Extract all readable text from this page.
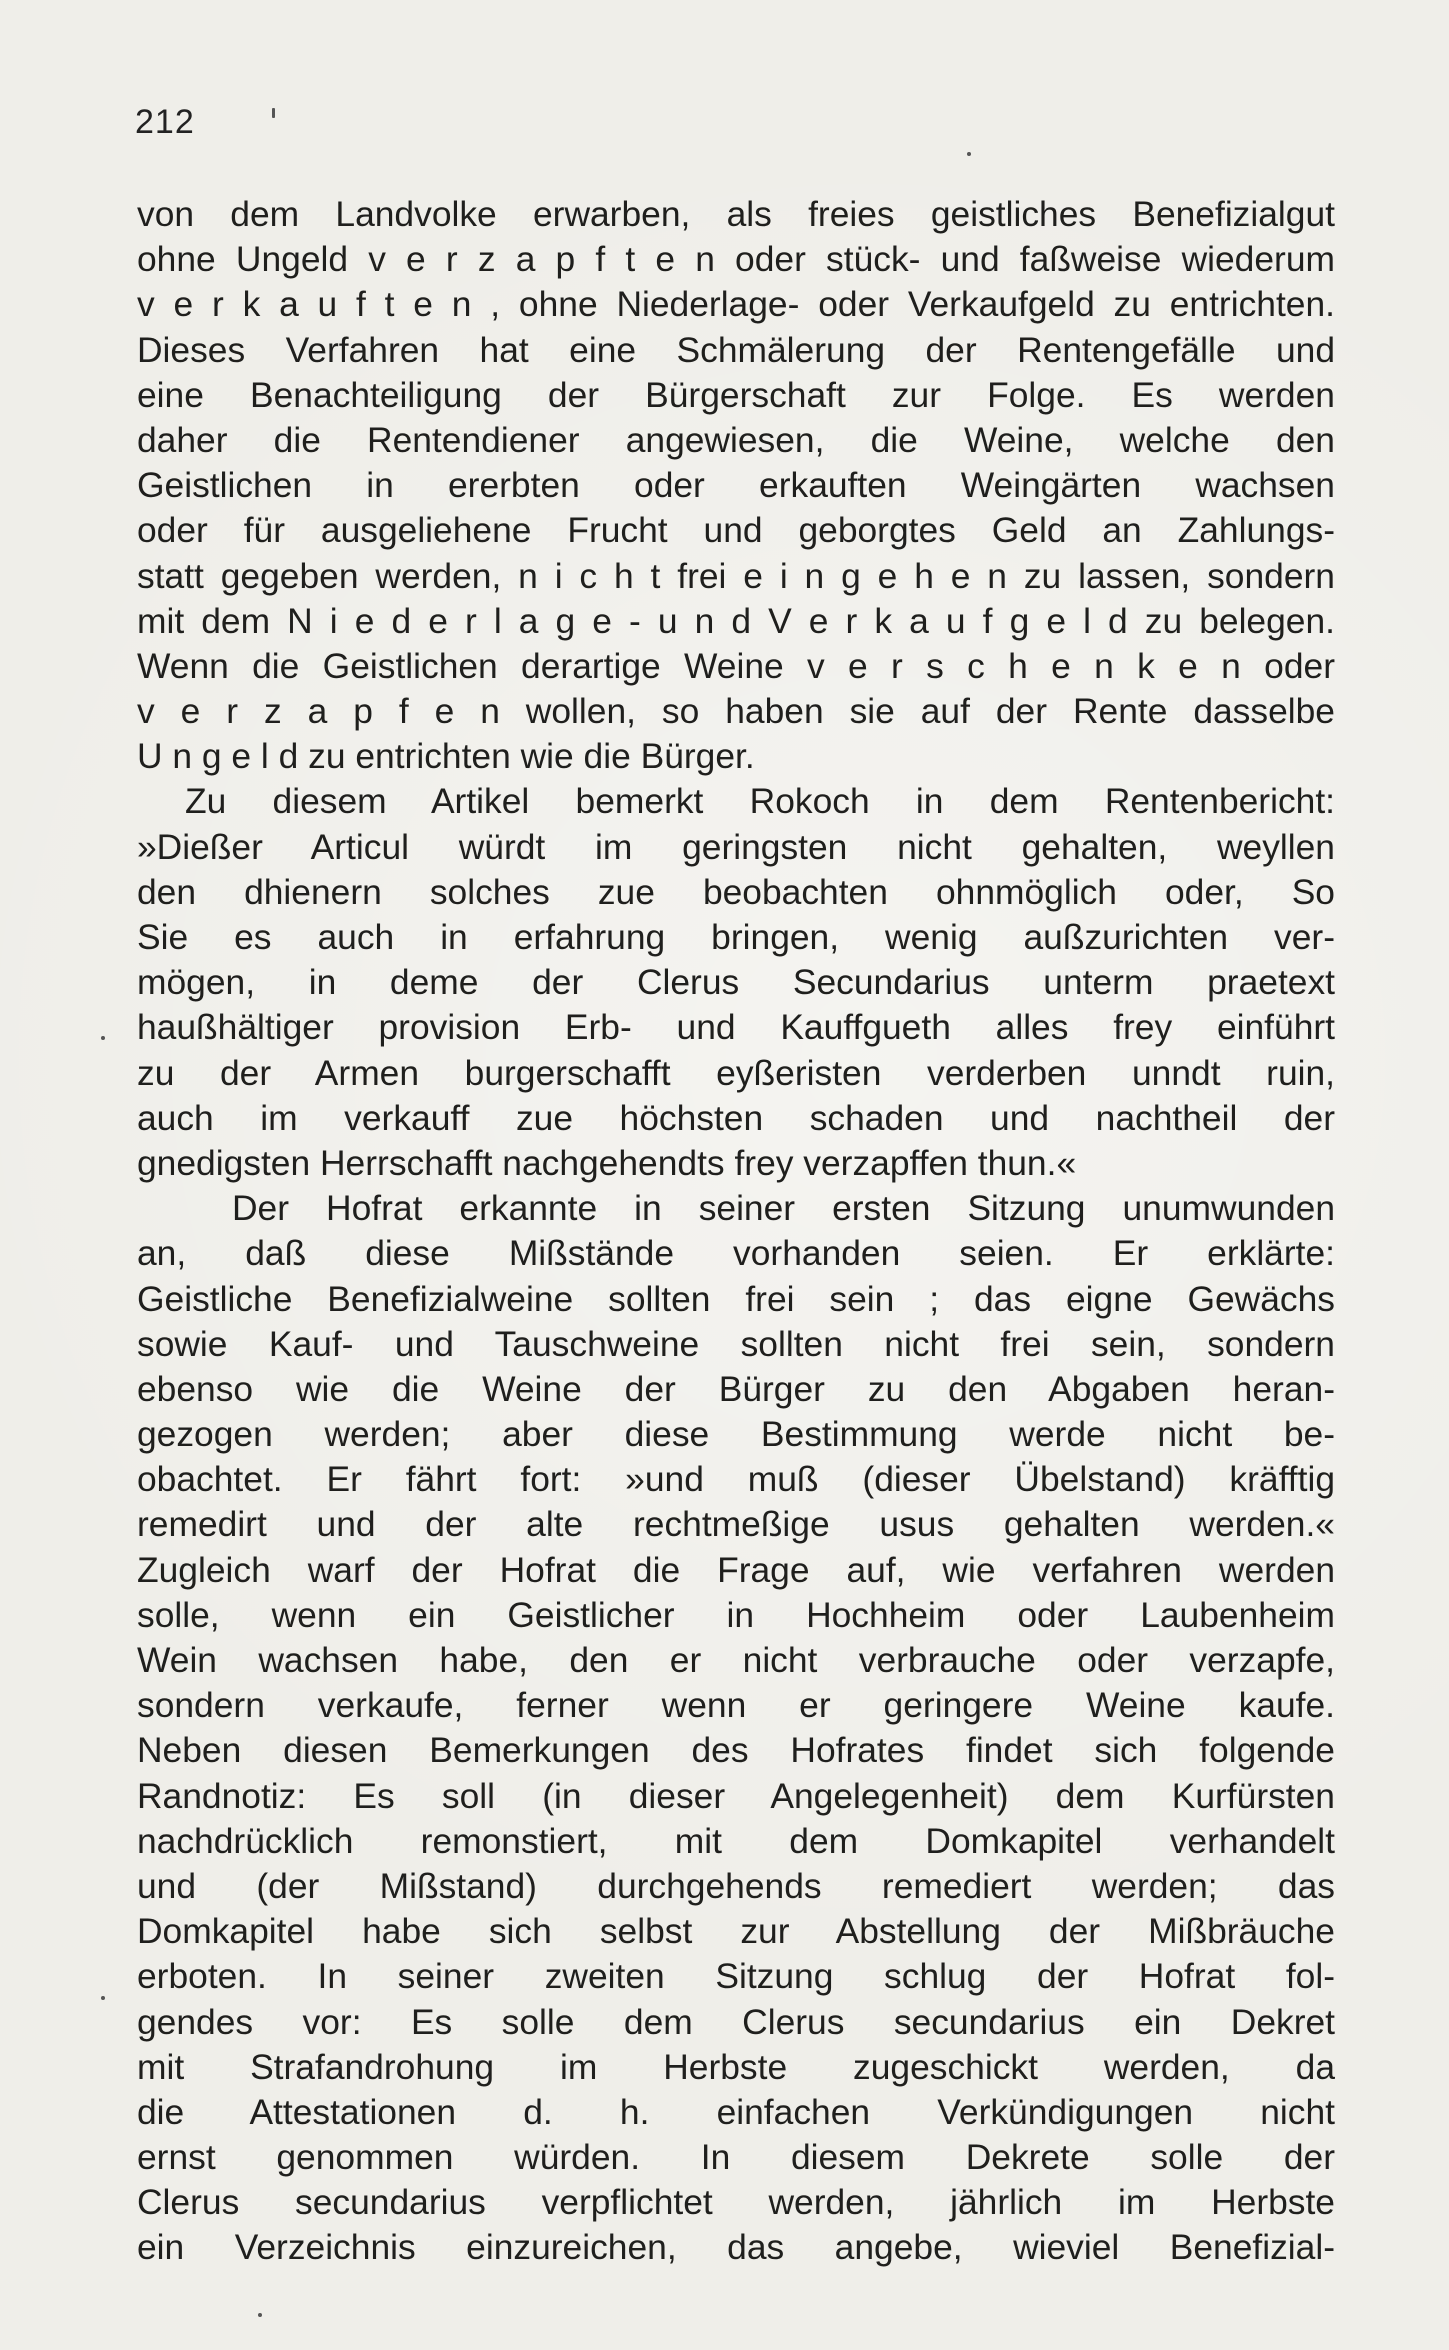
212
von dem Landvolke erwarben, als freies geistliches Benefizialgut
ohne Ungeld v e r z a p f t e n oder stück- und faßweise wiederum
v e r k a u f t e n , ohne Niederlage- oder Verkaufgeld zu entrichten.
Dieses Verfahren hat eine Schmälerung der Rentengefälle und
eine Benachteiligung der Bürgerschaft zur Folge. Es werden
daher die Rentendiener angewiesen, die Weine, welche den
Geistlichen in ererbten oder erkauften Weingärten wachsen
oder für ausgeliehene Frucht und geborgtes Geld an Zahlungs-
statt gegeben werden, n i c h t frei e i n g e h e n zu lassen, sondern
mit dem N i e d e r l a g e - u n d V e r k a u f g e l d zu belegen.
Wenn die Geistlichen derartige Weine v e r s c h e n k e n oder
v e r z a p f e n wollen, so haben sie auf der Rente dasselbe
U n g e l d zu entrichten wie die Bürger.
Zu diesem Artikel bemerkt Rokoch in dem Rentenbericht:
»Dießer Articul würdt im geringsten nicht gehalten, weyllen
den dhienern solches zue beobachten ohnmöglich oder, So
Sie es auch in erfahrung bringen, wenig außzurichten ver-
mögen, in deme der Clerus Secundarius unterm praetext
haußhältiger provision Erb- und Kauffgueth alles frey einführt
zu der Armen burgerschafft eyßeristen verderben unndt ruin,
auch im verkauff zue höchsten schaden und nachtheil der
gnedigsten Herrschafft nachgehendts frey verzapffen thun.«
Der Hofrat erkannte in seiner ersten Sitzung unumwunden
an, daß diese Mißstände vorhanden seien. Er erklärte:
Geistliche Benefizialweine sollten frei sein ; das eigne Gewächs
sowie Kauf- und Tauschweine sollten nicht frei sein, sondern
ebenso wie die Weine der Bürger zu den Abgaben heran-
gezogen werden; aber diese Bestimmung werde nicht be-
obachtet. Er fährt fort: »und muß (dieser Übelstand) kräfftig
remedirt und der alte rechtmeßige usus gehalten werden.«
Zugleich warf der Hofrat die Frage auf, wie verfahren werden
solle, wenn ein Geistlicher in Hochheim oder Laubenheim
Wein wachsen habe, den er nicht verbrauche oder verzapfe,
sondern verkaufe, ferner wenn er geringere Weine kaufe.
Neben diesen Bemerkungen des Hofrates findet sich folgende
Randnotiz: Es soll (in dieser Angelegenheit) dem Kurfürsten
nachdrücklich remonstiert, mit dem Domkapitel verhandelt
und (der Mißstand) durchgehends remediert werden; das
Domkapitel habe sich selbst zur Abstellung der Mißbräuche
erboten. In seiner zweiten Sitzung schlug der Hofrat fol-
gendes vor: Es solle dem Clerus secundarius ein Dekret
mit Strafandrohung im Herbste zugeschickt werden, da
die Attestationen d. h. einfachen Verkündigungen nicht
ernst genommen würden. In diesem Dekrete solle der
Clerus secundarius verpflichtet werden, jährlich im Herbste
ein Verzeichnis einzureichen, das angebe, wieviel Benefizial-
